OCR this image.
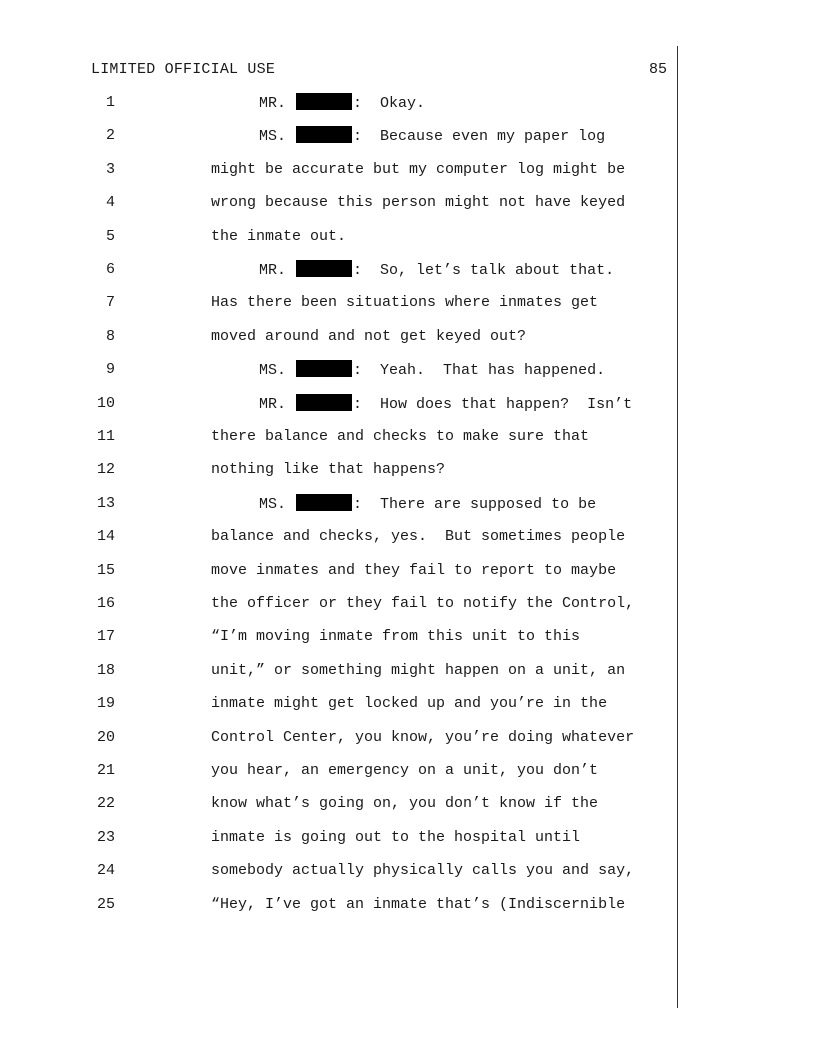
LIMITED OFFICIAL USE	85
1	MR.	:  Okay.
2	MS.	:  Because even my paper log
3	might be accurate but my computer log might be
4	wrong because this person might not have keyed
5	the inmate out.
6	MR.	:  So, let’s talk about that.
7	Has there been situations where inmates get
8	moved around and not get keyed out?
9	MS.	:  Yeah.  That has happened.
10	MR.	:  How does that happen?  Isn’t
11	there balance and checks to make sure that
12	nothing like that happens?
13	MS.	:  There are supposed to be
14	balance and checks, yes.  But sometimes people
15	move inmates and they fail to report to maybe
16	the officer or they fail to notify the Control,
17	“I’m moving inmate from this unit to this
18	unit,” or something might happen on a unit, an
19	inmate might get locked up and you’re in the
20	Control Center, you know, you’re doing whatever
21	you hear, an emergency on a unit, you don’t
22	know what’s going on, you don’t know if the
23	inmate is going out to the hospital until
24	somebody actually physically calls you and say,
25	“Hey, I’ve got an inmate that’s (Indiscernible
